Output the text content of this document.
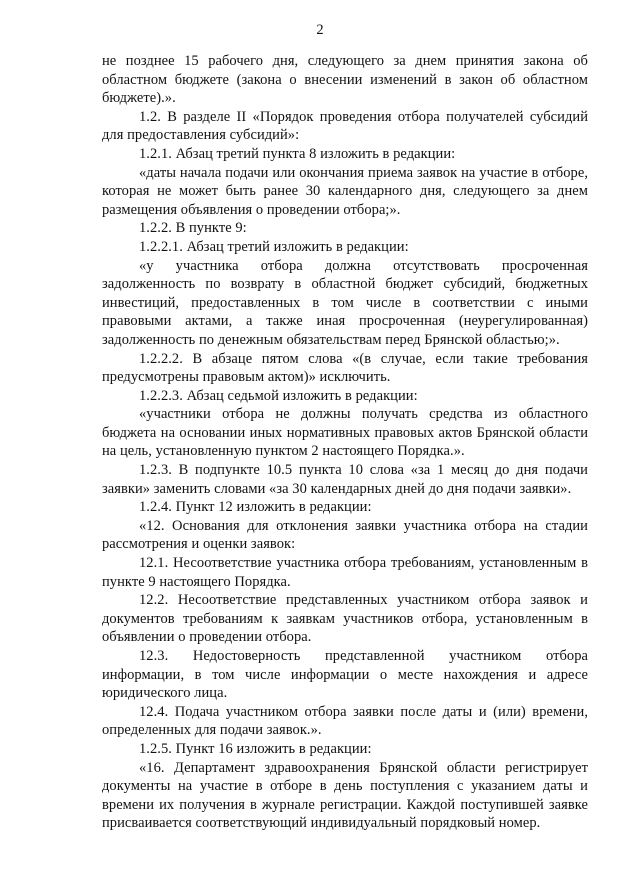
2

не позднее 15 рабочего дня, следующего за днем принятия закона об областном бюджете (закона о внесении изменений в закон об областном бюджете).».

1.2. В разделе II «Порядок проведения отбора получателей субсидий для предоставления субсидий»:

1.2.1. Абзац третий пункта 8 изложить в редакции:

«даты начала подачи или окончания приема заявок на участие в отборе, которая не может быть ранее 30 календарного дня, следующего за днем размещения объявления о проведении отбора;».

1.2.2. В пункте 9:

1.2.2.1. Абзац третий изложить в редакции:

«у участника отбора должна отсутствовать просроченная задолженность по возврату в областной бюджет субсидий, бюджетных инвестиций, предоставленных в том числе в соответствии с иными правовыми актами, а также иная просроченная (неурегулированная) задолженность по денежным обязательствам перед Брянской областью;».

1.2.2.2. В абзаце пятом слова «(в случае, если такие требования предусмотрены правовым актом)» исключить.

1.2.2.3. Абзац седьмой изложить в редакции:

«участники отбора не должны получать средства из областного бюджета на основании иных нормативных правовых актов Брянской области на цель, установленную пунктом 2 настоящего Порядка.».

1.2.3. В подпункте 10.5 пункта 10 слова «за 1 месяц до дня подачи заявки» заменить словами «за 30 календарных дней до дня подачи заявки».

1.2.4. Пункт 12 изложить в редакции:

«12. Основания для отклонения заявки участника отбора на стадии рассмотрения и оценки заявок:

12.1. Несоответствие участника отбора требованиям, установленным в пункте 9 настоящего Порядка.

12.2. Несоответствие представленных участником отбора заявок и документов требованиям к заявкам участников отбора, установленным в объявлении о проведении отбора.

12.3. Недостоверность представленной участником отбора информации, в том числе информации о месте нахождения и адресе юридического лица.

12.4. Подача участником отбора заявки после даты и (или) времени, определенных для подачи заявок.».

1.2.5. Пункт 16 изложить в редакции:

«16. Департамент здравоохранения Брянской области регистрирует документы на участие в отборе в день поступления с указанием даты и времени их получения в журнале регистрации. Каждой поступившей заявке присваивается соответствующий индивидуальный порядковый номер.
